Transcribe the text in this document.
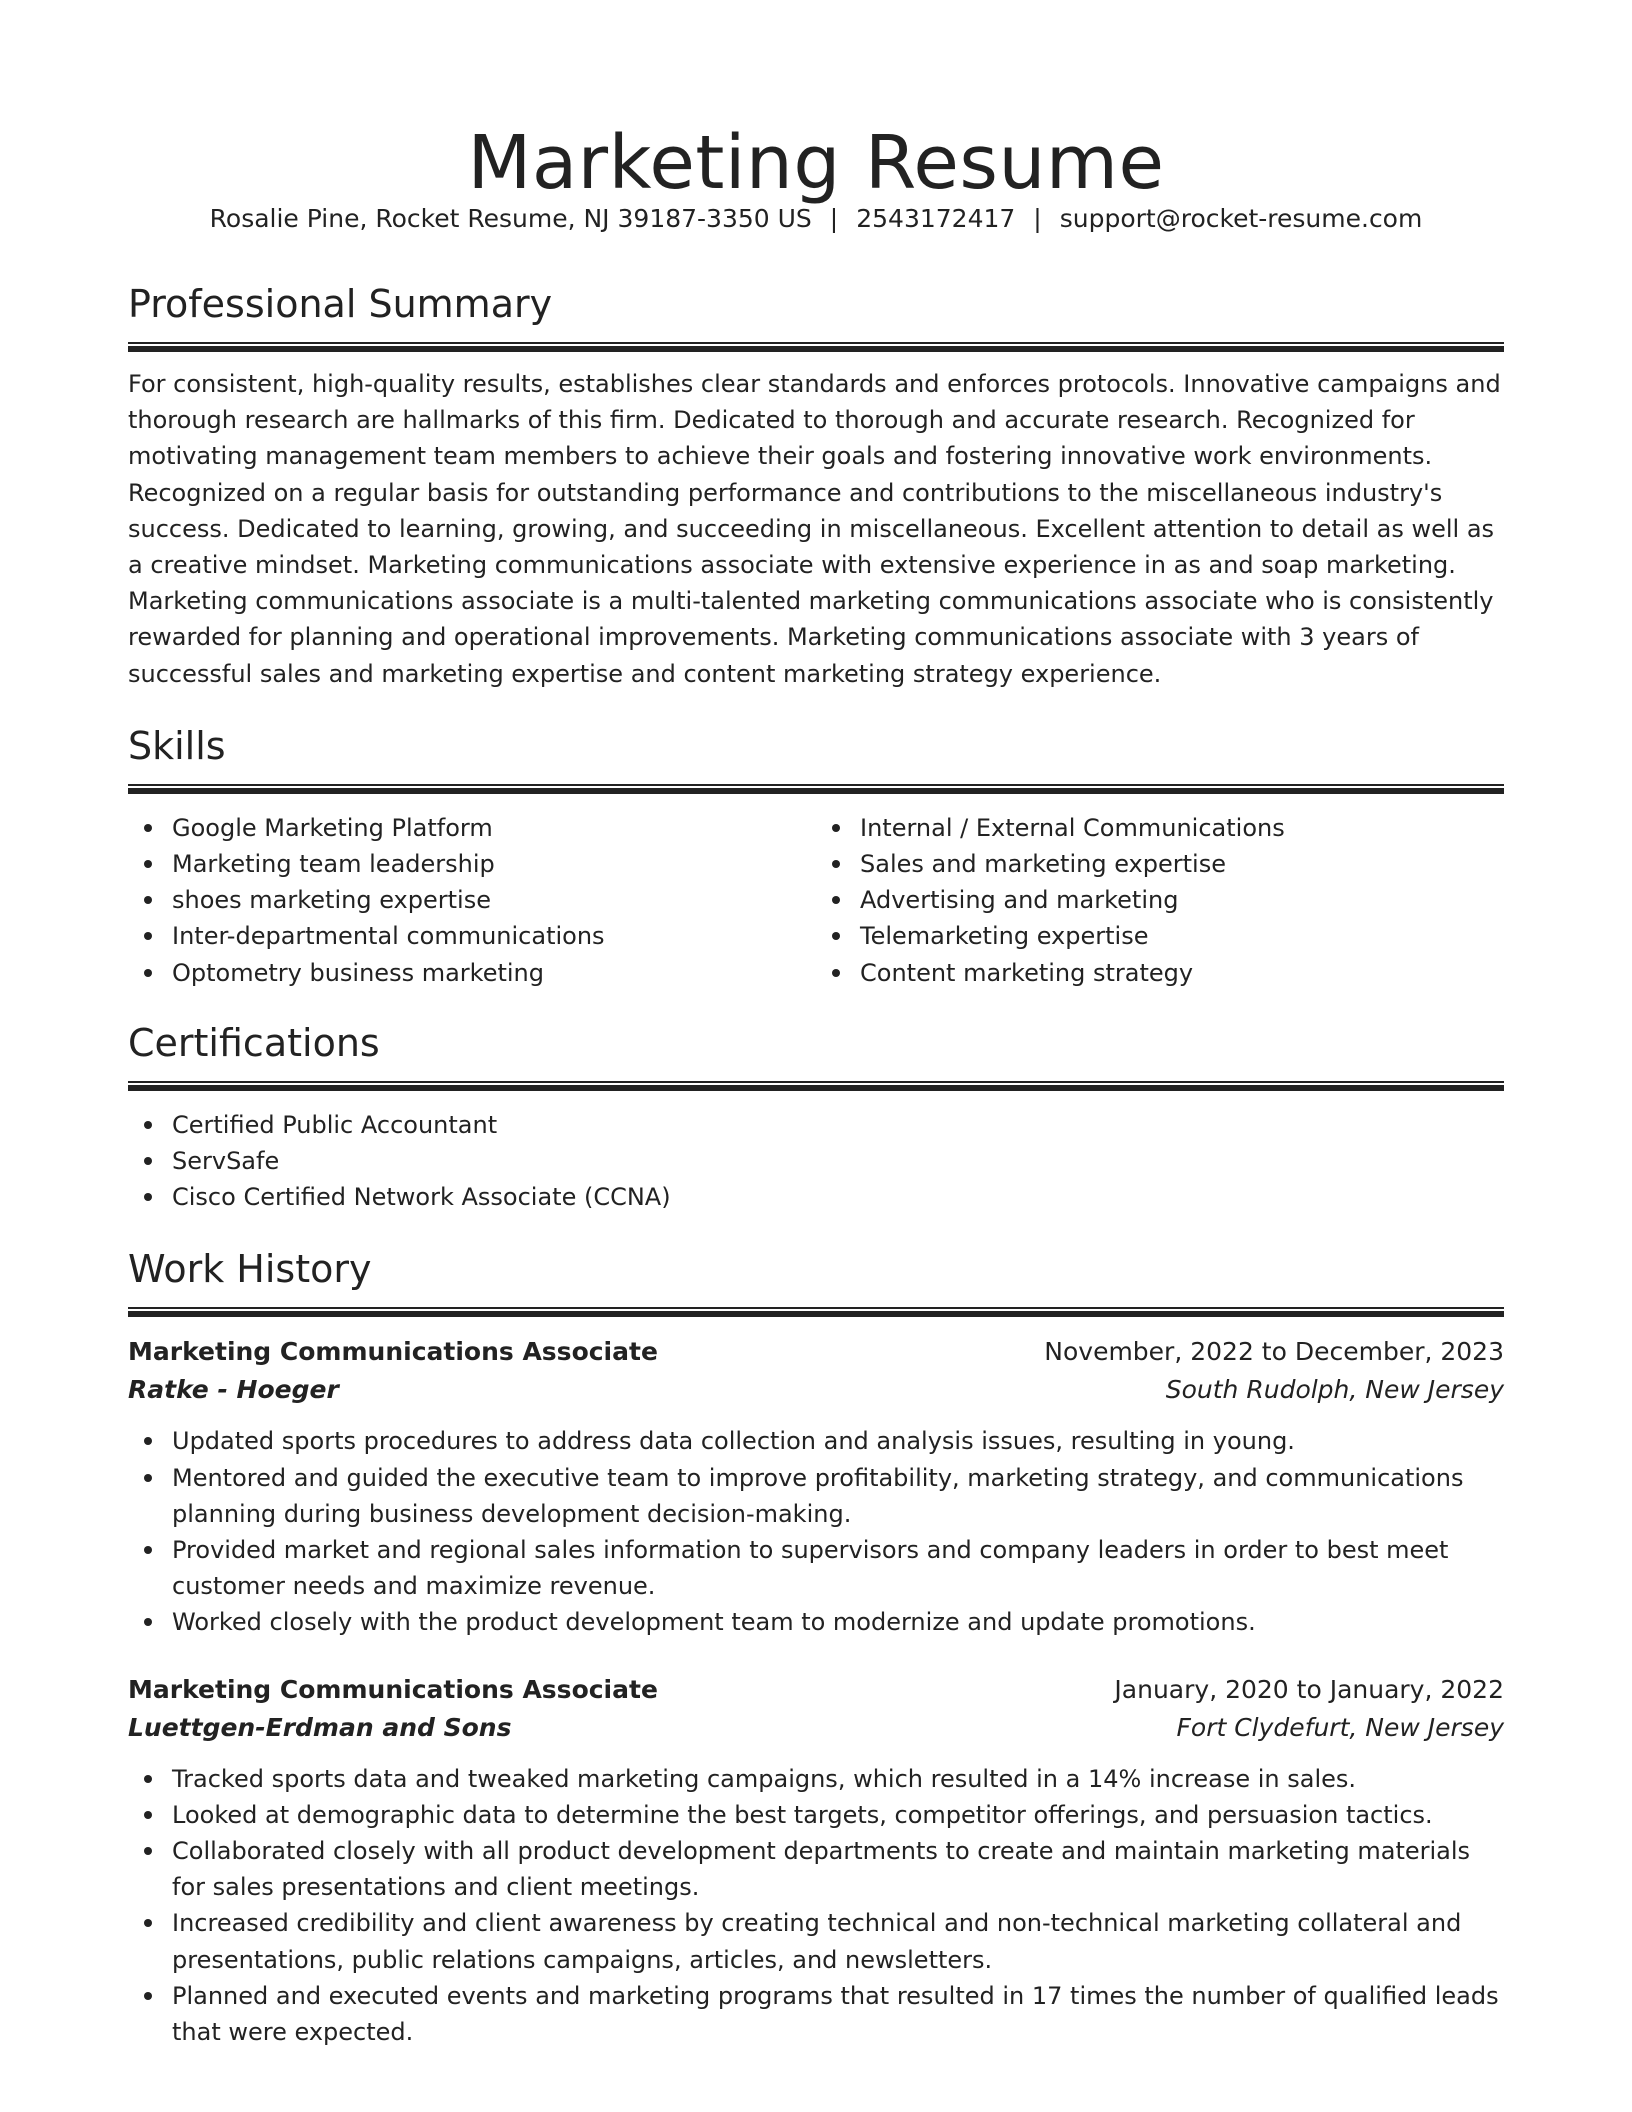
Marketing Resume
Rosalie Pine, Rocket Resume, NJ 39187-3350 US | 2543172417 | support@rocket-resume.com
Professional Summary

For consistent, high-quality results, establishes clear standards and enforces protocols. Innovative campaigns and thorough research are hallmarks of this firm. Dedicated to thorough and accurate research. Recognized for motivating management team members to achieve their goals and fostering innovative work environments. Recognized on a regular basis for outstanding performance and contributions to the miscellaneous industry's success. Dedicated to learning, growing, and succeeding in miscellaneous. Excellent attention to detail as well as a creative mindset. Marketing communications associate with extensive experience in as and soap marketing. Marketing communications associate is a multi-talented marketing communications associate who is consistently rewarded for planning and operational improvements. Marketing communications associate with 3 years of successful sales and marketing expertise and content marketing strategy experience.

Skills
Google Marketing Platform
Marketing team leadership
shoes marketing expertise
Inter-departmental communications
Optometry business marketing
Internal / External Communications
Sales and marketing expertise
Advertising and marketing
Telemarketing expertise
Content marketing strategy
Certifications
Certified Public Accountant
ServSafe
Cisco Certified Network Associate (CCNA)
Work History
Marketing Communications Associate	November, 2022 to December, 2023
Ratke - Hoeger	South Rudolph, New Jersey
Updated sports procedures to address data collection and analysis issues, resulting in young.
Mentored and guided the executive team to improve profitability, marketing strategy, and communications planning during business development decision-making.
Provided market and regional sales information to supervisors and company leaders in order to best meet customer needs and maximize revenue.
Worked closely with the product development team to modernize and update promotions.
Marketing Communications Associate	January, 2020 to January, 2022
Luettgen-Erdman and Sons	Fort Clydefurt, New Jersey
Tracked sports data and tweaked marketing campaigns, which resulted in a 14% increase in sales.
Looked at demographic data to determine the best targets, competitor offerings, and persuasion tactics.
Collaborated closely with all product development departments to create and maintain marketing materials for sales presentations and client meetings.
Increased credibility and client awareness by creating technical and non-technical marketing collateral and presentations, public relations campaigns, articles, and newsletters.
Planned and executed events and marketing programs that resulted in 17 times the number of qualified leads that were expected.
